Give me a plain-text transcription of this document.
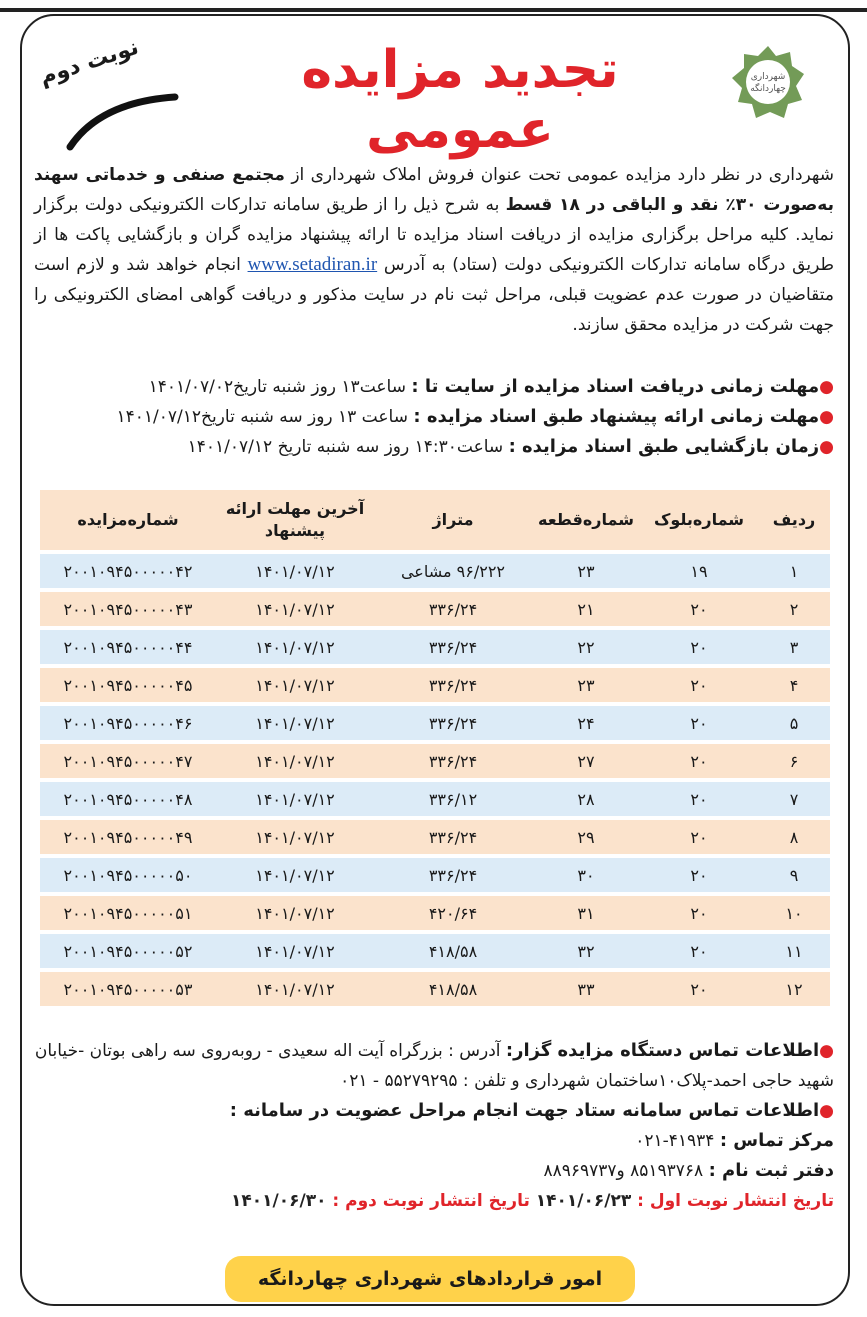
شهرداری
چهاردانگه
تجدید مزایده عمومی
نوبت دوم
شهرداری در نظر دارد مزایده عمومی تحت عنوان فروش املاک شهرداری از مجتمع صنفی و خدماتی سهند به‌صورت ۳۰٪ نقد و الباقی در ۱۸ قسط به شرح ذیل را از طریق سامانه تدارکات الکترونیکی دولت برگزار نماید. کلیه مراحل برگزاری مزایده از دریافت اسناد مزایده تا ارائه پیشنهاد مزایده گران و بازگشایی پاکت ها از طریق درگاه سامانه تدارکات الکترونیکی دولت (ستاد) به آدرس www.setadiran.ir انجام خواهد شد و لازم است متقاضیان در صورت عدم عضویت قبلی، مراحل ثبت نام در سایت مذکور و دریافت گواهی امضای الکترونیکی را جهت شرکت در مزایده محقق سازند.
●مهلت زمانی دریافت اسناد مزایده از سایت تا : ساعت۱۳ روز شنبه تاریخ۱۴۰۱/۰۷/۰۲
●مهلت زمانی ارائه پیشنهاد طبق اسناد مزایده : ساعت ۱۳ روز سه شنبه تاریخ۱۴۰۱/۰۷/۱۲
●زمان بازگشایی طبق اسناد مزایده : ساعت۱۴:۳۰ روز سه شنبه تاریخ ۱۴۰۱/۰۷/۱۲
ردیف	شماره‌بلوک	شماره‌قطعه	متراژ	آخرین مهلت ارائه پیشنهاد	شماره‌مزایده
۱	۱۹	۲۳	۹۶/۲۲۲ مشاعی	۱۴۰۱/۰۷/۱۲	۲۰۰۱۰۹۴۵۰۰۰۰۰۴۲
۲	۲۰	۲۱	۳۳۶/۲۴	۱۴۰۱/۰۷/۱۲	۲۰۰۱۰۹۴۵۰۰۰۰۰۴۳
۳	۲۰	۲۲	۳۳۶/۲۴	۱۴۰۱/۰۷/۱۲	۲۰۰۱۰۹۴۵۰۰۰۰۰۴۴
۴	۲۰	۲۳	۳۳۶/۲۴	۱۴۰۱/۰۷/۱۲	۲۰۰۱۰۹۴۵۰۰۰۰۰۴۵
۵	۲۰	۲۴	۳۳۶/۲۴	۱۴۰۱/۰۷/۱۲	۲۰۰۱۰۹۴۵۰۰۰۰۰۴۶
۶	۲۰	۲۷	۳۳۶/۲۴	۱۴۰۱/۰۷/۱۲	۲۰۰۱۰۹۴۵۰۰۰۰۰۴۷
۷	۲۰	۲۸	۳۳۶/۱۲	۱۴۰۱/۰۷/۱۲	۲۰۰۱۰۹۴۵۰۰۰۰۰۴۸
۸	۲۰	۲۹	۳۳۶/۲۴	۱۴۰۱/۰۷/۱۲	۲۰۰۱۰۹۴۵۰۰۰۰۰۴۹
۹	۲۰	۳۰	۳۳۶/۲۴	۱۴۰۱/۰۷/۱۲	۲۰۰۱۰۹۴۵۰۰۰۰۰۵۰
۱۰	۲۰	۳۱	۴۲۰/۶۴	۱۴۰۱/۰۷/۱۲	۲۰۰۱۰۹۴۵۰۰۰۰۰۵۱
۱۱	۲۰	۳۲	۴۱۸/۵۸	۱۴۰۱/۰۷/۱۲	۲۰۰۱۰۹۴۵۰۰۰۰۰۵۲
۱۲	۲۰	۳۳	۴۱۸/۵۸	۱۴۰۱/۰۷/۱۲	۲۰۰۱۰۹۴۵۰۰۰۰۰۵۳
●اطلاعات تماس دستگاه مزایده گزار: آدرس : بزرگراه آیت اله سعیدی - روبه‌روی سه راهی بوتان -خیابان شهید حاجی احمد-پلاک۱۰ساختمان شهرداری و تلفن : ۵۵۲۷۹۲۹۵ - ۰۲۱
●اطلاعات تماس سامانه ستاد جهت انجام مراحل عضویت در سامانه :
مرکز تماس : ۴۱۹۳۴-۰۲۱
دفتر ثبت نام : ۸۵۱۹۳۷۶۸ و۸۸۹۶۹۷۳۷
تاریخ انتشار نوبت اول : ۱۴۰۱/۰۶/۲۳ تاریخ انتشار نوبت دوم : ۱۴۰۱/۰۶/۳۰
امور قراردادهای شهرداری چهاردانگه
